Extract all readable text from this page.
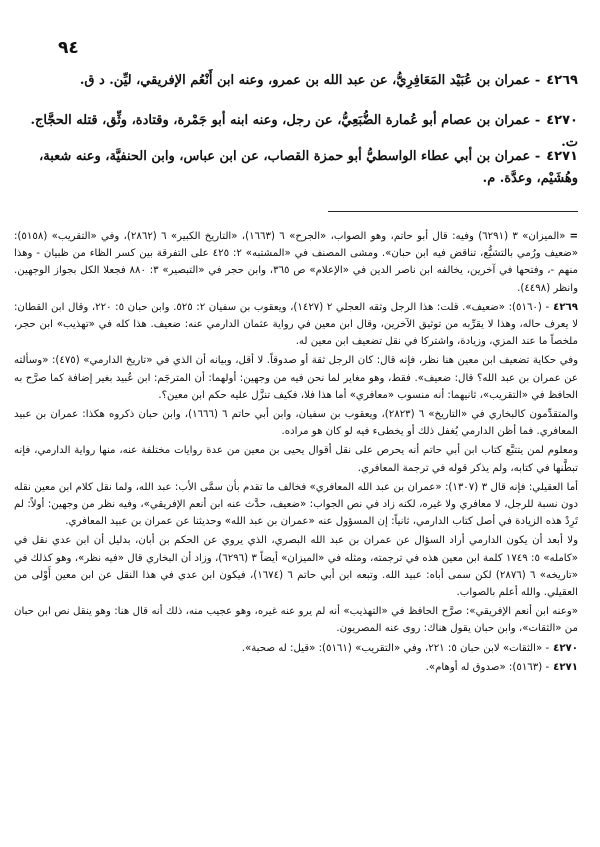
٩٤
٤٢٦٩- عمران بن عُبَيْد المَعَافِرِيُّ، عن عبد الله بن عمرو، وعنه ابن أَنْعُم الإفريقي، ليِّن. د ق.
٤٢٧٠- عمران بن عصام أبو عُمارة الضُّبَعِيُّ، عن رجل، وعنه ابنه أبو جَمْرة، وقتادة، وثِّق، قتله الحجَّاج. ت.
٤٢٧١- عمران بن أبي عطاء الواسطيُّ أبو حمزة القصاب، عن ابن عباس، وابن الحنفيَّة، وعنه شعبة، وهُشَيْم، وعدَّة. م.

=«الميزان» ٣ (٦٢٩١) وفيه: قال أبو حاتم، وهو الصواب، «الجرح» ٦ (١٦٦٣)، «التاريخ الكبير» ٦ (٢٨٦٢)، وفي «التقريب» (٥١٥٨): «ضعيف ورُمي بالتشيُّع، تناقض فيه ابن حبان». ومشى المصنف في «المشتبه» ٢: ٤٢٥ على التفرقة بين كسر الظاء من ظبيان - وهذا منهم -، وفتحها في آخرين، يخالفه ابن ناصر الدين في «الإعلام» ص ٣٦٥، وابن حجر في «التبصير» ٣: ٨٨٠ فجعلا الكل بجواز الوجهين. وانظر (٤٤٩٨).

٤٢٦٩- (٥١٦٠): «ضعيف». قلت: هذا الرجل وثقه العجلي ٢ (١٤٢٧)، ويعقوب بن سفيان ٢: ٥٢٥. وابن حبان ٥: ٢٢٠، وقال ابن القطان: لا يعرف حاله، وهذا لا يقرِّبه من توثيق الآخرين، وقال ابن معين في رواية عثمان الدارمي عنه: ضعيف. هذا كله في «تهذيب» ابن حجر، ملخصاً ما عند المزي، وزيادة، واشتركا في نقل تضعيف ابن معين له.

وفي حكاية تضعيف ابن معين هنا نظر، فإنه قال: كان الرجل ثقة أو صدوقاً. لا أقل، وبيانه أن الذي في «تاريخ الدارمي» (٤٧٥): «وسألته عن عمران بن عبد الله؟ قال: ضعيف». فقط، وهو مغاير لما نحن فيه من وجهين: أولهما: أن المترجَم: ابن عُبيد بغير إضافة كما صرَّح به الحافظ في «التقريب»، ثانيهما: أنه منسوب «معافري» أما هذا فلا، فكيف تنزَّل عليه حكم ابن معين؟.

والمتقدِّمون كالبخاري في «التاريخ» ٦ (٢٨٢٣)، ويعقوب بن سفيان، وابن أبي حاتم ٦ (١٦٦٦)، وابن حبان ذكروه هكذا: عمران بن عبيد المعافري. فما أظن الدارمي يُغفل ذلك أو يخطىء فيه لو كان هو مراده.

ومعلوم لمن يتتبَّع كتاب ابن أبي حاتم أنه يحرص على نقل أقوال يحيى بن معين من عدة روايات مختلفة عنه، منها رواية الدارمي، فإنه تبطَّنها في كتابه، ولم يذكر قوله في ترجمة المعافري.

أما العقيلي: فإنه قال ٣ (١٣٠٧): «عمران بن عبد الله المعافري» فخالف ما تقدم بأن سمَّى الأب: عبد الله، ولما نقل كلام ابن معين نقله دون نسبة للرجل، لا معافري ولا غيره، لكنه زاد في نص الجواب: «ضعيف، حدَّث عنه ابن أنعم الإفريقي»، وفيه نظر من وجهين: أولاً: لم تَرِدْ هذه الزيادة في أصل كتاب الدارمي، ثانياً: إن المسؤول عنه «عمران بن عبد الله» وحديثنا عن عمران بن عبيد المعافري.

ولا أبعد أن يكون الدارمي أراد السؤال عن عمران بن عبد الله البصري، الذي يروي عن الحكم بن أبان، بدليل أن ابن عدي نقل في «كامله» ٥: ١٧٤٩ كلمة ابن معين هذه في ترجمته، ومثله في «الميزان» أيضاً ٣ (٦٢٩٦)، وزاد أن البخاري قال «فيه نظر»، وهو كذلك في «تاريخه» ٦ (٢٨٧٦) لكن سمى أباه: عبيد الله. وتبعه ابن أبي حاتم ٦ (١٦٧٤)، فيكون ابن عدي في هذا النقل عن ابن معين أَوْلى من العقيلي. والله أعلم بالصواب.

«وعنه ابن أنعم الإفريقي»: صرَّح الحافظ في «التهذيب» أنه لم يرو عنه غيره، وهو عجيب منه، ذلك أنه قال هنا: وهو ينقل نص ابن حبان من «الثقات»، وابن حبان يقول هناك: روى عنه المصريون.

٤٢٧٠- «الثقات» لابن حبان ٥: ٢٢١، وفي «التقريب» (٥١٦١): «قيل: له صحبة».

٤٢٧١- (٥١٦٣): «صدوق له أوهام».
